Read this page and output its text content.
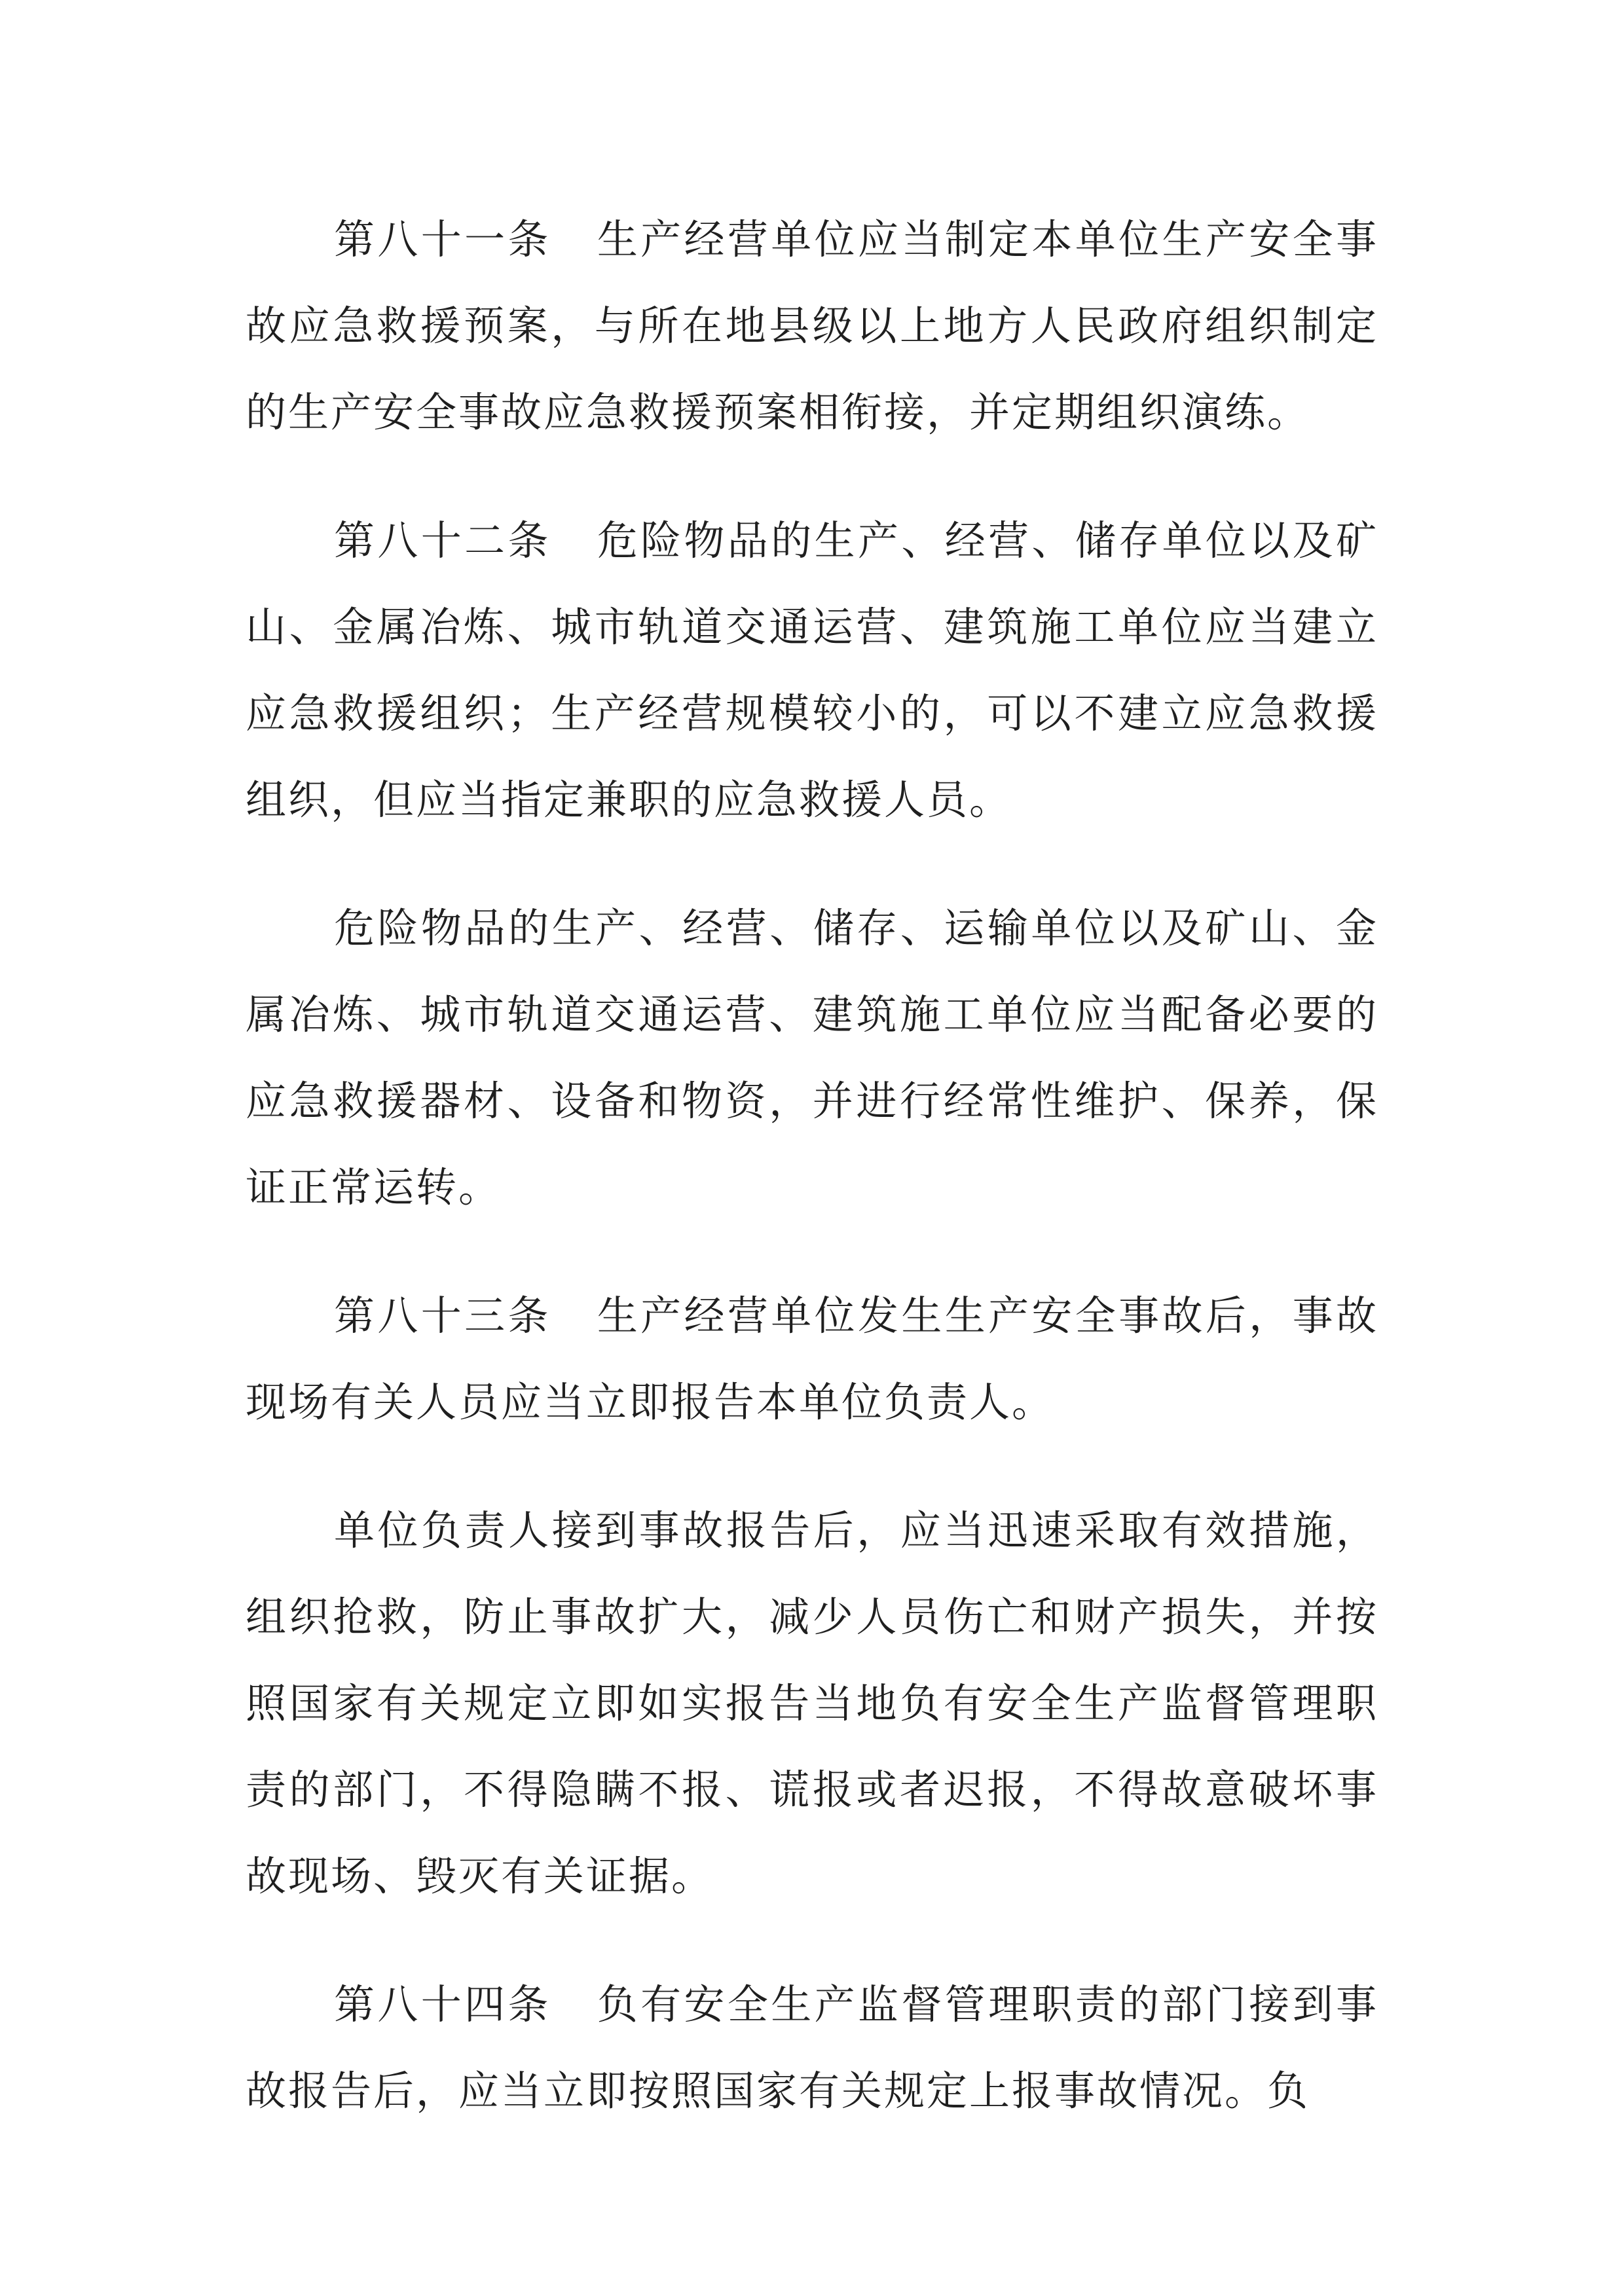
第八十一条 生产经营单位应当制定本单位生产安全事故应急救援预案，与所在地县级以上地方人民政府组织制定的生产安全事故应急救援预案相衔接，并定期组织演练。

第八十二条 危险物品的生产、经营、储存单位以及矿山、金属冶炼、城市轨道交通运营、建筑施工单位应当建立应急救援组织；生产经营规模较小的，可以不建立应急救援组织，但应当指定兼职的应急救援人员。

危险物品的生产、经营、储存、运输单位以及矿山、金属冶炼、城市轨道交通运营、建筑施工单位应当配备必要的应急救援器材、设备和物资，并进行经常性维护、保养，保证正常运转。

第八十三条 生产经营单位发生生产安全事故后，事故现场有关人员应当立即报告本单位负责人。

单位负责人接到事故报告后，应当迅速采取有效措施，组织抢救，防止事故扩大，减少人员伤亡和财产损失，并按照国家有关规定立即如实报告当地负有安全生产监督管理职责的部门，不得隐瞒不报、谎报或者迟报，不得故意破坏事故现场、毁灭有关证据。

第八十四条 负有安全生产监督管理职责的部门接到事故报告后，应当立即按照国家有关规定上报事故情况。负
